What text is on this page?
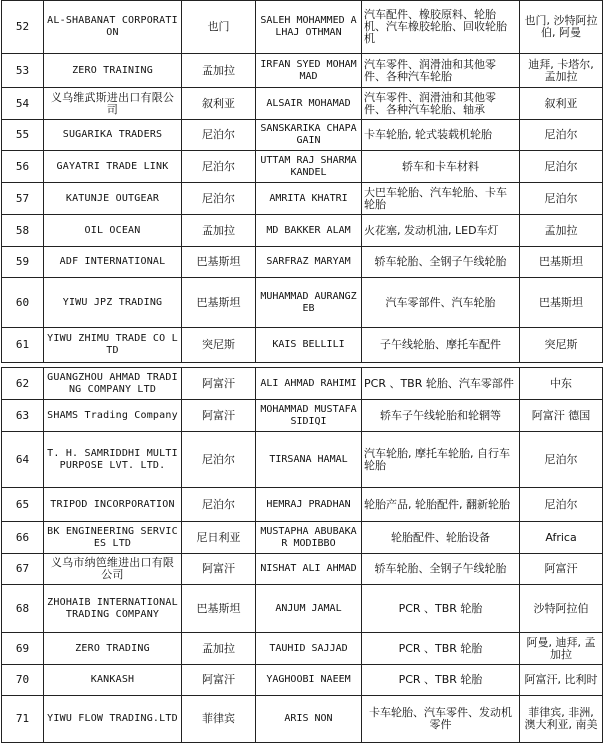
52	AL-SHABANAT CORPORATION	也门	SALEH MOHAMMED ALHAJ OTHMAN	汽车配件、橡胶原料、轮胎机、汽车橡胶轮胎、回收轮胎机	也门, 沙特阿拉伯, 阿曼
53	ZERO TRAINING	孟加拉	IRFAN SYED MOHAMMAD	汽车零件、润滑油和其他零件、各种汽车轮胎	迪拜, 卡塔尔, 孟加拉
54	义乌维武斯进出口有限公司	叙利亚	ALSAIR MOHAMAD	汽车零件、润滑油和其他零件、各种汽车轮胎、轴承	叙利亚
55	SUGARIKA TRADERS	尼泊尔	SANSKARIKA CHAPAGAIN	卡车轮胎, 轮式装载机轮胎	尼泊尔
56	GAYATRI TRADE LINK	尼泊尔	UTTAM RAJ SHARMA KANDEL	轿车和卡车材料	尼泊尔
57	KATUNJE OUTGEAR	尼泊尔	AMRITA KHATRI	大巴车轮胎、汽车轮胎、卡车轮胎	尼泊尔
58	OIL OCEAN	孟加拉	MD BAKKER ALAM	火花塞, 发动机油, LED车灯	孟加拉
59	ADF INTERNATIONAL	巴基斯坦	SARFRAZ MARYAM	轿车轮胎、全钢子午线轮胎	巴基斯坦
60	YIWU JPZ TRADING	巴基斯坦	MUHAMMAD AURANGZEB	汽车零部件、汽车轮胎	巴基斯坦
61	YIWU ZHIMU TRADE CO LTD	突尼斯	KAIS BELLILI	子午线轮胎、摩托车配件	突尼斯

62	GUANGZHOU AHMAD TRADING COMPANY LTD	阿富汗	ALI AHMAD RAHIMI	PCR 、TBR 轮胎、汽车零部件	中东
63	SHAMS Trading Company	阿富汗	MOHAMMAD MUSTAFA SIDIQI	轿车子午线轮胎和轮辋等	阿富汗 德国
64	T. H. SAMRIDDHI MULTIPURPOSE LVT. LTD.	尼泊尔	TIRSANA HAMAL	汽车轮胎, 摩托车轮胎, 自行车轮胎	尼泊尔
65	TRIPOD INCORPORATION	尼泊尔	HEMRAJ PRADHAN	轮胎产品, 轮胎配件, 翻新轮胎	尼泊尔
66	BK ENGINEERING SERVICES LTD	尼日利亚	MUSTAPHA ABUBAKAR MODIBBO	轮胎配件、轮胎设备	Africa
67	义乌市纳笆维进出口有限公司	阿富汗	NISHAT ALI AHMAD	轿车轮胎、全钢子午线轮胎	阿富汗
68	ZHOHAIB INTERNATIONAL TRADING COMPANY	巴基斯坦	ANJUM JAMAL	PCR 、TBR 轮胎	沙特阿拉伯
69	ZERO TRADING	孟加拉	TAUHID SAJJAD	PCR 、TBR 轮胎	阿曼, 迪拜, 孟加拉
70	KANKASH	阿富汗	YAGHOOBI NAEEM	PCR 、TBR 轮胎	阿富汗, 比利时
71	YIWU FLOW TRADING.LTD	菲律宾	ARIS NON	卡车轮胎、汽车零件、发动机零件	菲律宾, 非洲, 澳大利亚, 南美
